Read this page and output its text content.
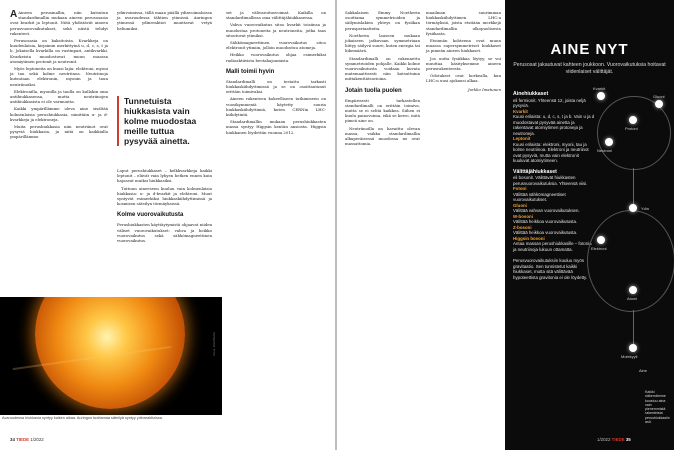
A Aineen perusmallin, niin kutsutun standardimallin mukaan aineen perusosasia ovat kvarkit ja leptonit. Niitä yhdistävät aineen perusvuorovaikutukset, sekä niistä tehdyt rakenteet.

Perusosasia on kaksitoista. Kvarkkeja on kuudenlaisia, kirjaimin merkittyinä u, d, c, s, t ja b. Jokaisella kvarkilla on vastinpari, antikvarkki. Kvarkeista muodostuvat muun muassa atomiytimen protonit ja neutronit.

Myös leptoneita on kuusi lajia: elektroni, myoni ja tau sekä kolme neutriinoa. Neutriinoja kutsutaan elektronin, myonin ja taun neutriinoiksi.

Elektronilla, myonilla ja taulla on kullakin oma antihiukkasensa, mutta neutriinojen antihiukkasista ei ole varmuutta.

Kaikki ympärillämme oleva aine sisältää kolmenlaisia perushiukkasia, nimittäin u- ja d-kvarkkeja ja elektroneja.

Muita perushiukkasia niin neutriinot ovat pysyviä hiukkasia, ja niitä on kaikkialla ympärillämme.

ydinvoimissa, tällä maan päällä ydinvoimaloissa ja avaruudessa tähtien ytimissä. Auringon ytimessä ydinreaktiot muuttavat vetyä heliumiksi.

Tunnetuista hiukkasista vain kolme muodostaa meille tuttua pysyvää ainetta.

Loput perushiukkaset – kelkkvarkkeja kaikki leptonit – elävät vain lyhyen hetken ennen kuin hajoavat muiksi hiukkasiksi.

Tuttuun aineeseen kuuluu vain kolmenlaisia hiukkasia: u- ja d-kvarkit ja elektroni. Muut syntyvät esimerkiksi hiukkaskiihdyttimissä ja kosmisen säteilyn törmäyksissä.

Kolme vuorovaikutusta

Perushiukkasten käyttäytymistä ohjaavat niiden väliset vuorovaikutukset: vahva ja heikko vuorovaikutus sekä sähkömagneettinen vuorovaikutus.

set ja välivaroitusvoimat. Kaikilla on standardimallissa oma välittäjähiukkasensa.

Vahva vuorovaikutus sitoo kvarkit toisiinsa ja muodostaa protoneita ja neutroneita, jotka taas sitoutuvat ytimiksi.

Sähkömagneettinen vuorovaikutus sitoo elektronit ytimiin, jolloin muodostuu atomeja.

Heikko vuorovaikutus ohjaa esimerkiksi radioaktiivista beetahajoamista.

Malli toimii hyvin

Standardimalli on testattu tarkasti hiukkaskiihdyttimissä ja se on osoittautunut erittäin toimivaksi.

Aineen rakenteen kokeelliseen tutkimiseen on vuosikymmeniä käytetty suuria hiukkaskiihdyttimiä, kuten CERNin LHC-kiihdytintä.

Standardimallin mukaan perushiukkasten massa syntyy Higgsin kentän ansiosta. Higgsin hiukkanen löydettiin vuonna 2012.

Kuva: ESA/NASA
Avaruudessa hiukkasia syntyy kaiken aikaa. Auringon tuottamaa säteilyä syntyy ydinreaktioissa.
34 TIEDE 1/2022

Sakkalaisen Emmy Noetherin osoittama symmetrioiden ja säilymislakien yhteys on fysiikan perusperiaatteita.

Noetherin lauseen mukaan jokaiseen jatkuvaan symmetriaan liittyy säilyvä suure, kuten energia tai liikemäärä.

Standardimalli on rakennettu symmetrioiden pohjalle. Kaikki kolme vuorovaikutusta voidaan kuvata matemaattisesti niin kutsuttuina mittakenttäteorioina.

Jotain tuolla puolen

Empiirisesti tarkastellen standardimalli on erittäin toimiva, mutta se ei selitä kaikkea. Siihen ei kuulu painovoima, eikä se kerro, mitä pimeä aine on.

Neutriinoilla on havaittu olevan massa, vaikka standardimallin alkuperäisessä muodossa ne ovat massattomia.

maailman suurimman hiukkaskiihdyttimen LHC:n törmäyksiä, joista etsitään merkkejä standardimallin ulkopuolisesta fysiikasta.

Etsinnän kohteena ovat muun muassa supersymmetriset hiukkaset ja pimeän aineen hiukkaset.

Jos uutta fysiikkaa löytyy, se voi muuttaa käsityksemme aineen perusrakenteesta.

Odotukset ovat korkealla, kun LHC:n uusi ajokausi alkaa.

Jarkko Imatunen
AINE NYT
Perusosat jakautuvat kahteen joukkoon. Vuorovaikutuksia hoitavat viidenlaiset välittäjät.
Ainehiukkaset

eli fermionit. Yhteensä 12, joista neljä pysyviä.

Kvarkit
Kuusi erilaista: u, d, c, s, t ja b. Vain u ja d muodostavat pysyvää ainetta ja rakentavat atomiytimen protoneja ja neutroneja.

Leptonit
Kuusi erilaista: elektroni, myoni, tau ja kolme neutriinoa. Elektroni ja neutriinot ovat pysyviä, mutta vain elektronit kuuluvat atomiytimeen.

Välittäjähiukkaset

eli bosonit. Välittävät hiukkasten perusvuorovaikutuksia. Yhteensä viisi.

Fotoni
Välittää sähkömagneettiset vuorovaikutukset.

Gluoni
Välittää vahvan vuorovaikutuksen.

W-bosoni
Välittää heikkoa vuorovaikutusta.

Z-bosoni
Välittää heikkoa vuorovaikutusta.

Higgsin bosoni
Antaa massan perushiukkasille – fotonia ja neutriinoja lukuun ottamatta.

Perusvuorovaikutuksiin kuuluu myös gravitaatio. Sen tunnistetut kaikki hiukkaset, mutta sitä välittävää hypoteettista gravitonia ei ole löydetty.

Kvarkit
Gluoni
Protoni
Neutroni
Ydin
Elektroni
Atomi
Molekyyli
Aine
Kaikki näkemämme koostuu aina vain pienemmistä rakenteista perushiukkasiin asti.
1/2022 TIEDE 35
